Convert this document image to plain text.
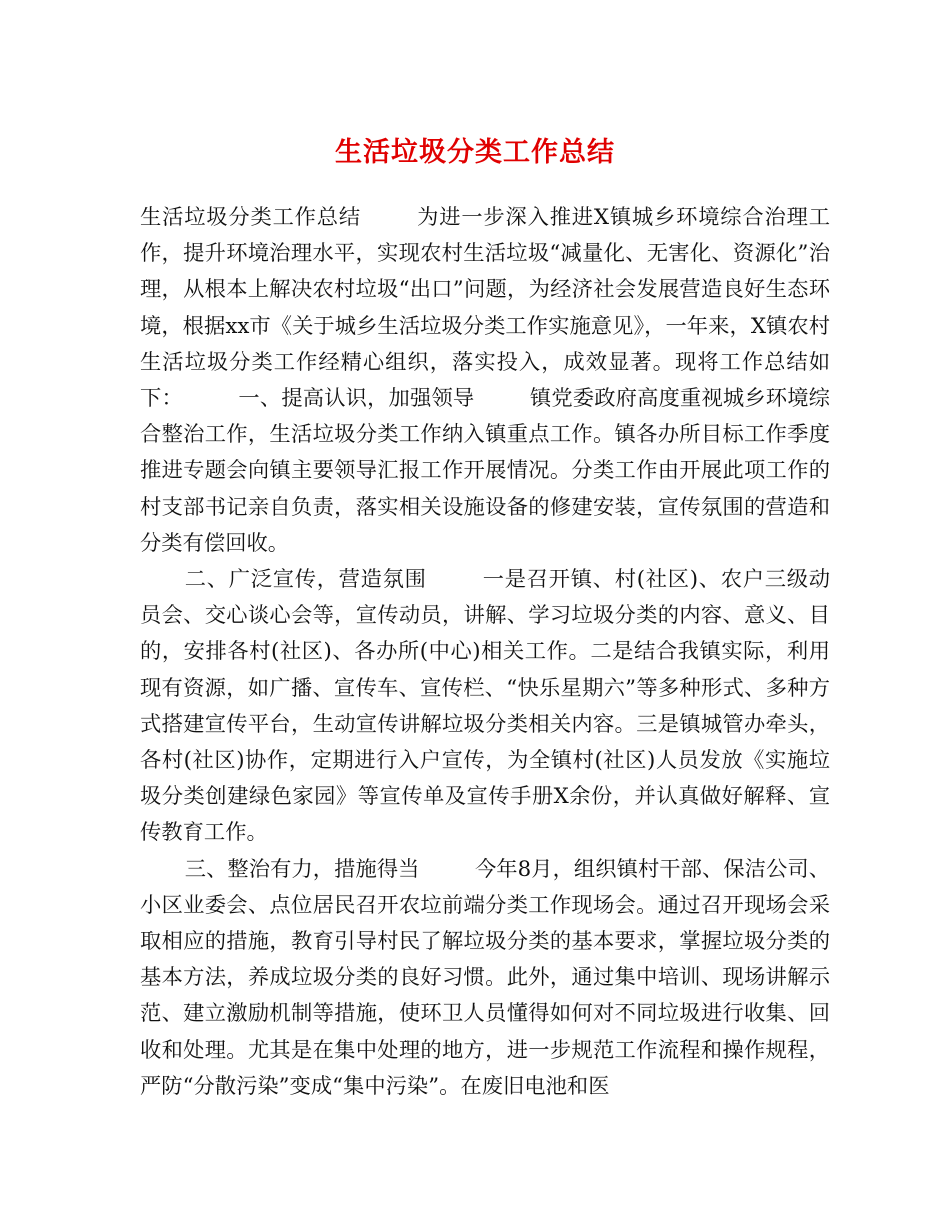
生活垃圾分类工作总结

生活垃圾分类工作总结	为进一步深入推进X镇城乡环境综合治理工作，提升环境治理水平，实现农村生活垃圾“减量化、无害化、资源化”治理，从根本上解决农村垃圾“出口”问题，为经济社会发展营造良好生态环境，根据xx市《关于城乡生活垃圾分类工作实施意见》，一年来，X镇农村生活垃圾分类工作经精心组织，落实投入，成效显著。现将工作总结如下：	一、提高认识，加强领导	镇党委政府高度重视城乡环境综合整治工作，生活垃圾分类工作纳入镇重点工作。镇各办所目标工作季度推进专题会向镇主要领导汇报工作开展情况。分类工作由开展此项工作的村支部书记亲自负责，落实相关设施设备的修建安装，宣传氛围的营造和分类有偿回收。

二、广泛宣传，营造氛围	一是召开镇、村(社区)、农户三级动员会、交心谈心会等，宣传动员，讲解、学习垃圾分类的内容、意义、目的，安排各村(社区)、各办所(中心)相关工作。二是结合我镇实际，利用现有资源，如广播、宣传车、宣传栏、“快乐星期六”等多种形式、多种方式搭建宣传平台，生动宣传讲解垃圾分类相关内容。三是镇城管办牵头，各村(社区)协作，定期进行入户宣传，为全镇村(社区)人员发放《实施垃圾分类创建绿色家园》等宣传单及宣传手册X余份，并认真做好解释、宣传教育工作。

三、整治有力，措施得当	今年8月，组织镇村干部、保洁公司、小区业委会、点位居民召开农垃前端分类工作现场会。通过召开现场会采取相应的措施，教育引导村民了解垃圾分类的基本要求，掌握垃圾分类的基本方法，养成垃圾分类的良好习惯。此外，通过集中培训、现场讲解示范、建立激励机制等措施，使环卫人员懂得如何对不同垃圾进行收集、回收和处理。尤其是在集中处理的地方，进一步规范工作流程和操作规程，严防“分散污染”变成“集中污染”。在废旧电池和医
